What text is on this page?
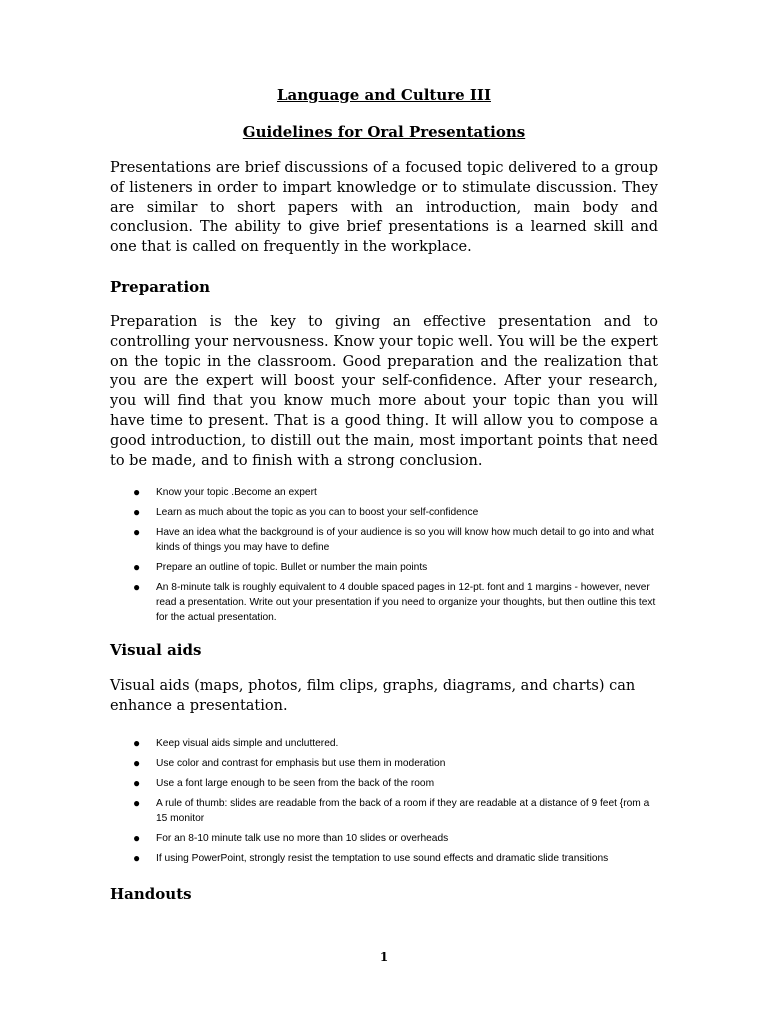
Language and Culture III
Guidelines for Oral Presentations

Presentations are brief discussions of a focused topic delivered to a group of listeners in order to impart knowledge or to stimulate discussion. They are similar to short papers with an introduction, main body and conclusion. The ability to give brief presentations is a learned skill and one that is called on frequently in the workplace.

Preparation

Preparation is the key to giving an effective presentation and to controlling your nervousness. Know your topic well. You will be the expert on the topic in the classroom. Good preparation and the realization that you are the expert will boost your self-confidence. After your research, you will find that you know much more about your topic than you will have time to present. That is a good thing. It will allow you to compose a good introduction, to distill out the main, most important points that need to be made, and to finish with a strong conclusion.

● Know your topic .Become an expert
● Learn as much about the topic as you can to boost your self-confidence
● Have an idea what the background is of your audience is so you will know how much detail to go into and what kinds of things you may have to define
● Prepare an outline of topic. Bullet or number the main points
● An 8-minute talk is roughly equivalent to 4 double spaced pages in 12-pt. font and 1 margins - however, never read a presentation. Write out your presentation if you need to organize your thoughts, but then outline this text for the actual presentation.
Visual aids

Visual aids (maps, photos, film clips, graphs, diagrams, and charts) can enhance a presentation.

● Keep visual aids simple and uncluttered.
● Use color and contrast for emphasis but use them in moderation
● Use a font large enough to be seen from the back of the room
● A rule of thumb: slides are readable from the back of a room if they are readable at a distance of 9 feet {rom a 15 monitor
● For an 8-10 minute talk use no more than 10 slides or overheads
● If using PowerPoint, strongly resist the temptation to use sound effects and dramatic slide transitions
Handouts

1
